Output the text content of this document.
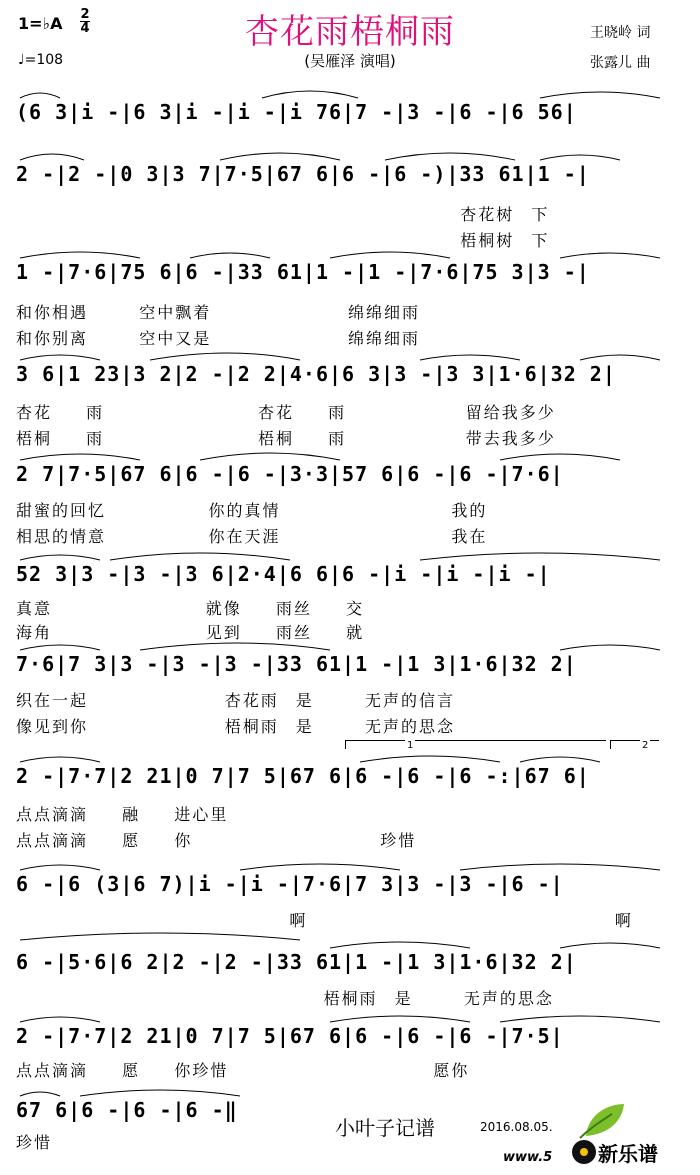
1=♭A 2

4
♩=108
杏花雨梧桐雨
(吴雁泽 演唱)
王晓岭 词
张露儿 曲
(6 3|i -|6 3|i -|i -|i 76|7 -|3 -|6 -|6 56|
2 -|2 -|0 3|3 7|7·5|67 6|6 -|6 -)|33 61|1 -|
杏花树 下
梧桐树 下
1 -|7·6|75 6|6 -|33 61|1 -|1 -|7·6|75 3|3 -|
和你相遇   空中飘着        绵绵细雨
和你别离   空中又是        绵绵细雨
3 6|1 23|3 2|2 -|2 2|4·6|6 3|3 -|3 3|1·6|32 2|
杏花  雨         杏花  雨       留给我多少
梧桐  雨         梧桐  雨       带去我多少
2 7|7·5|67 6|6 -|6 -|3·3|57 6|6 -|6 -|7·6|
甜蜜的回忆      你的真情          我的
相思的情意      你在天涯          我在
52 3|3 -|3 -|3 6|2·4|6 6|6 -|i -|i -|i -|
真意         就像  雨丝  交
海角         见到  雨丝  就
7·6|7 3|3 -|3 -|3 -|33 61|1 -|1 3|1·6|32 2|
织在一起        杏花雨 是   无声的信言
像见到你        梧桐雨 是   无声的思念
1	2
2 -|7·7|2 21|0 7|7 5|67 6|6 -|6 -|6 -:|67 6|
点点滴滴  融  进心里
点点滴滴  愿  你           珍惜
6 -|6 (3|6 7)|i -|i -|7·6|7 3|3 -|3 -|6 -|
啊                  啊
6 -|5·6|6 2|2 -|2 -|33 61|1 -|1 3|1·6|32 2|
梧桐雨 是   无声的思念
2 -|7·7|2 21|0 7|7 5|67 6|6 -|6 -|6 -|7·5|
点点滴滴  愿  你珍惜            愿你
67 6|6 -|6 -|6 -‖
珍惜
小叶子记谱	2016.08.05.
www.5 新乐谱
